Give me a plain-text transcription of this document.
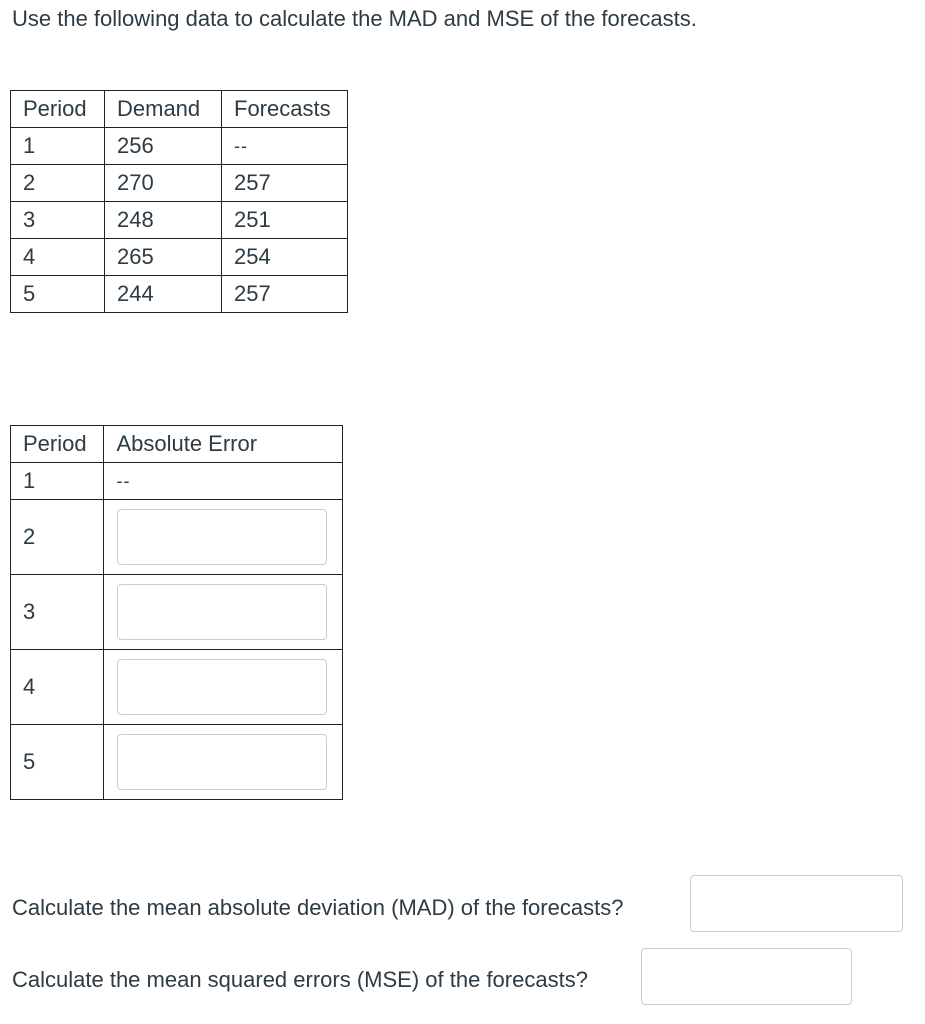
Use the following data to calculate the MAD and MSE of the forecasts.
Period	Demand	Forecasts
1	256	--
2	270	257
3	248	251
4	265	254
5	244	257
Period	Absolute Error
1	--
2	

3	

4	

5	
Calculate the mean absolute deviation (MAD) of the forecasts?
Calculate the mean squared errors (MSE) of the forecasts?
